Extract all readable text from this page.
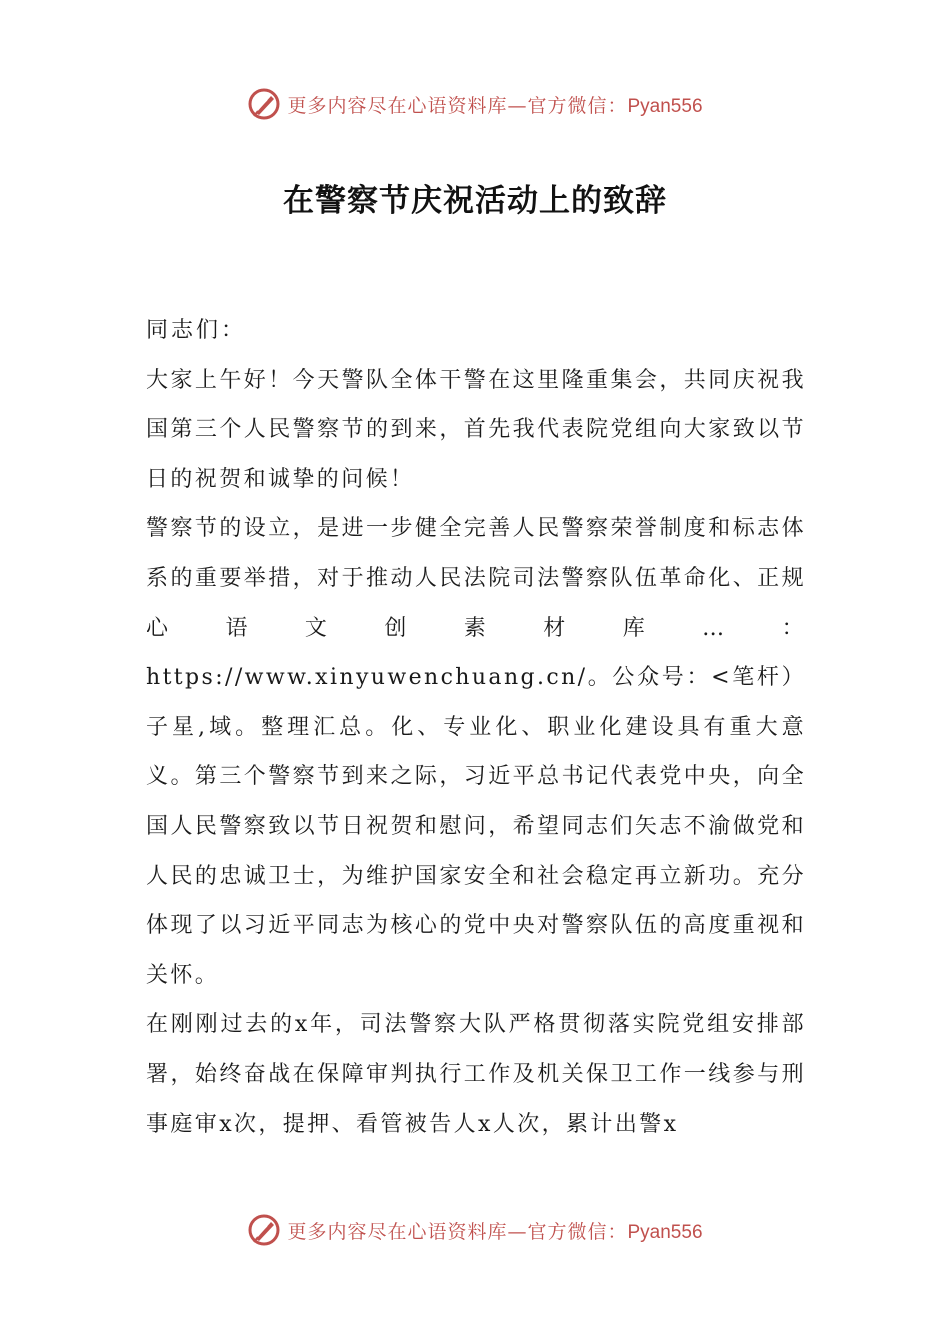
更多内容尽在心语资料库—官方微信：Pyan556
在警察节庆祝活动上的致辞

同志们：

大家上午好！今天警队全体干警在这里隆重集会，共同庆祝我国第三个人民警察节的到来，首先我代表院党组向大家致以节日的祝贺和诚挚的问候！

警察节的设立，是进一步健全完善人民警察荣誉制度和标志体系的重要举措，对于推动人民法院司法警察队伍革命化、正规心语文创素材库…：https://www.xinyuwenchuang.cn/。公众号：<笔杆）子星,域。整理汇总。化、专业化、职业化建设具有重大意义。第三个警察节到来之际，习近平总书记代表党中央，向全国人民警察致以节日祝贺和慰问，希望同志们矢志不渝做党和人民的忠诚卫士，为维护国家安全和社会稳定再立新功。充分体现了以习近平同志为核心的党中央对警察队伍的高度重视和关怀。

在刚刚过去的x年，司法警察大队严格贯彻落实院党组安排部署，始终奋战在保障审判执行工作及机关保卫工作一线参与刑事庭审x次，提押、看管被告人x人次，累计出警x

更多内容尽在心语资料库—官方微信：Pyan556
